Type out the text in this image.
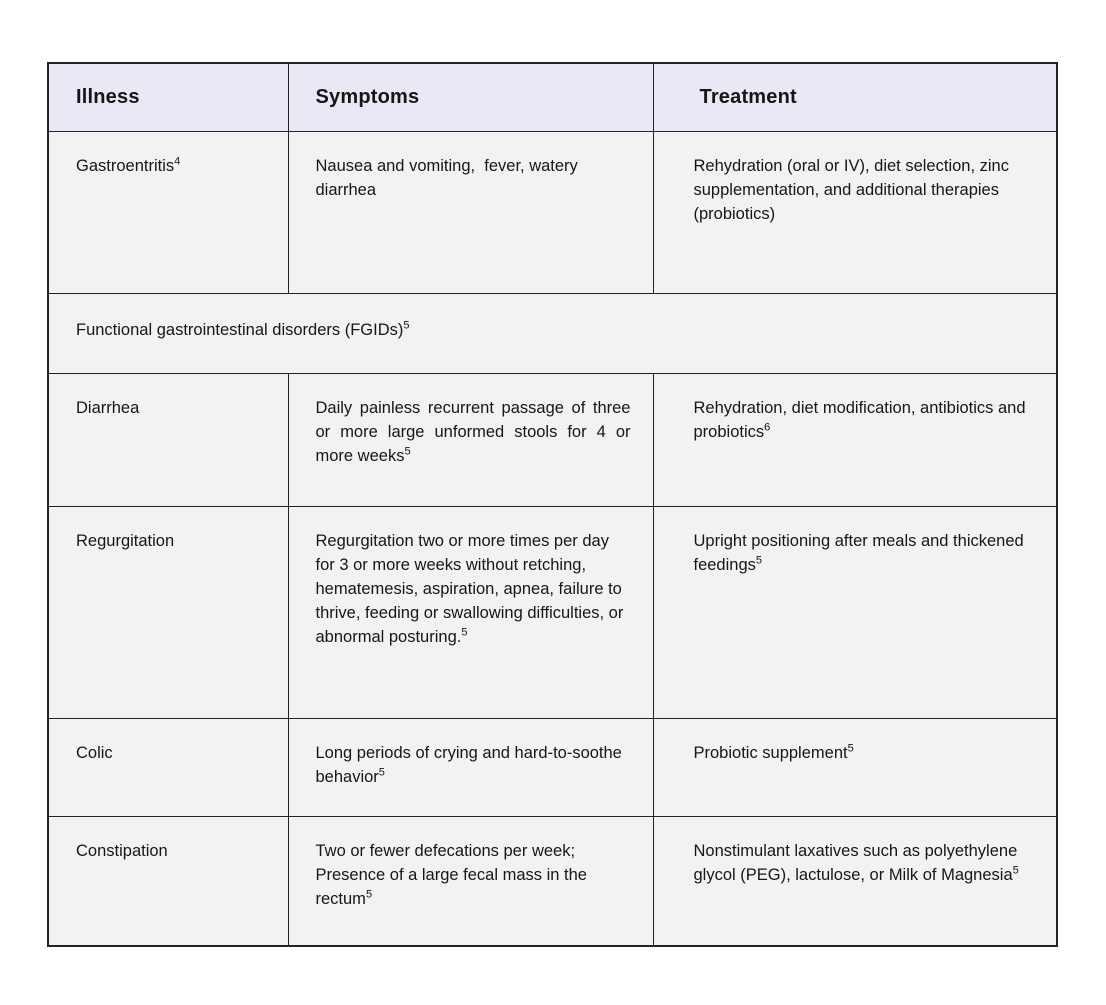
Illness	Symptoms	Treatment
Gastroentritis$^4$	Nausea and vomiting,  fever, watery diarrhea	Rehydration (oral or IV), diet selection, zinc supplementation, and additional therapies  (probiotics)
Functional gastrointestinal disorders (FGIDs)$^5$
Diarrhea	Daily painless recurrent passage of three or more large unformed stools for 4 or more weeks$^5$	Rehydration, diet modification, antibiotics and probiotics$^6$
Regurgitation	Regurgitation two or more times per day for 3 or more weeks without retching, hematemesis, aspiration, apnea, failure to thrive, feeding or swallowing difficulties, or abnormal posturing.$^5$	Upright positioning after meals and thickened feedings$^5$
Colic	Long periods of crying and hard-to-soothe behavior$^5$	Probiotic supplement$^5$
Constipation	Two or fewer defecations per week; Presence of a large fecal mass in the rectum$^5$	Nonstimulant laxatives such as polyethylene glycol (PEG), lactulose, or Milk of Magnesia$^5$
